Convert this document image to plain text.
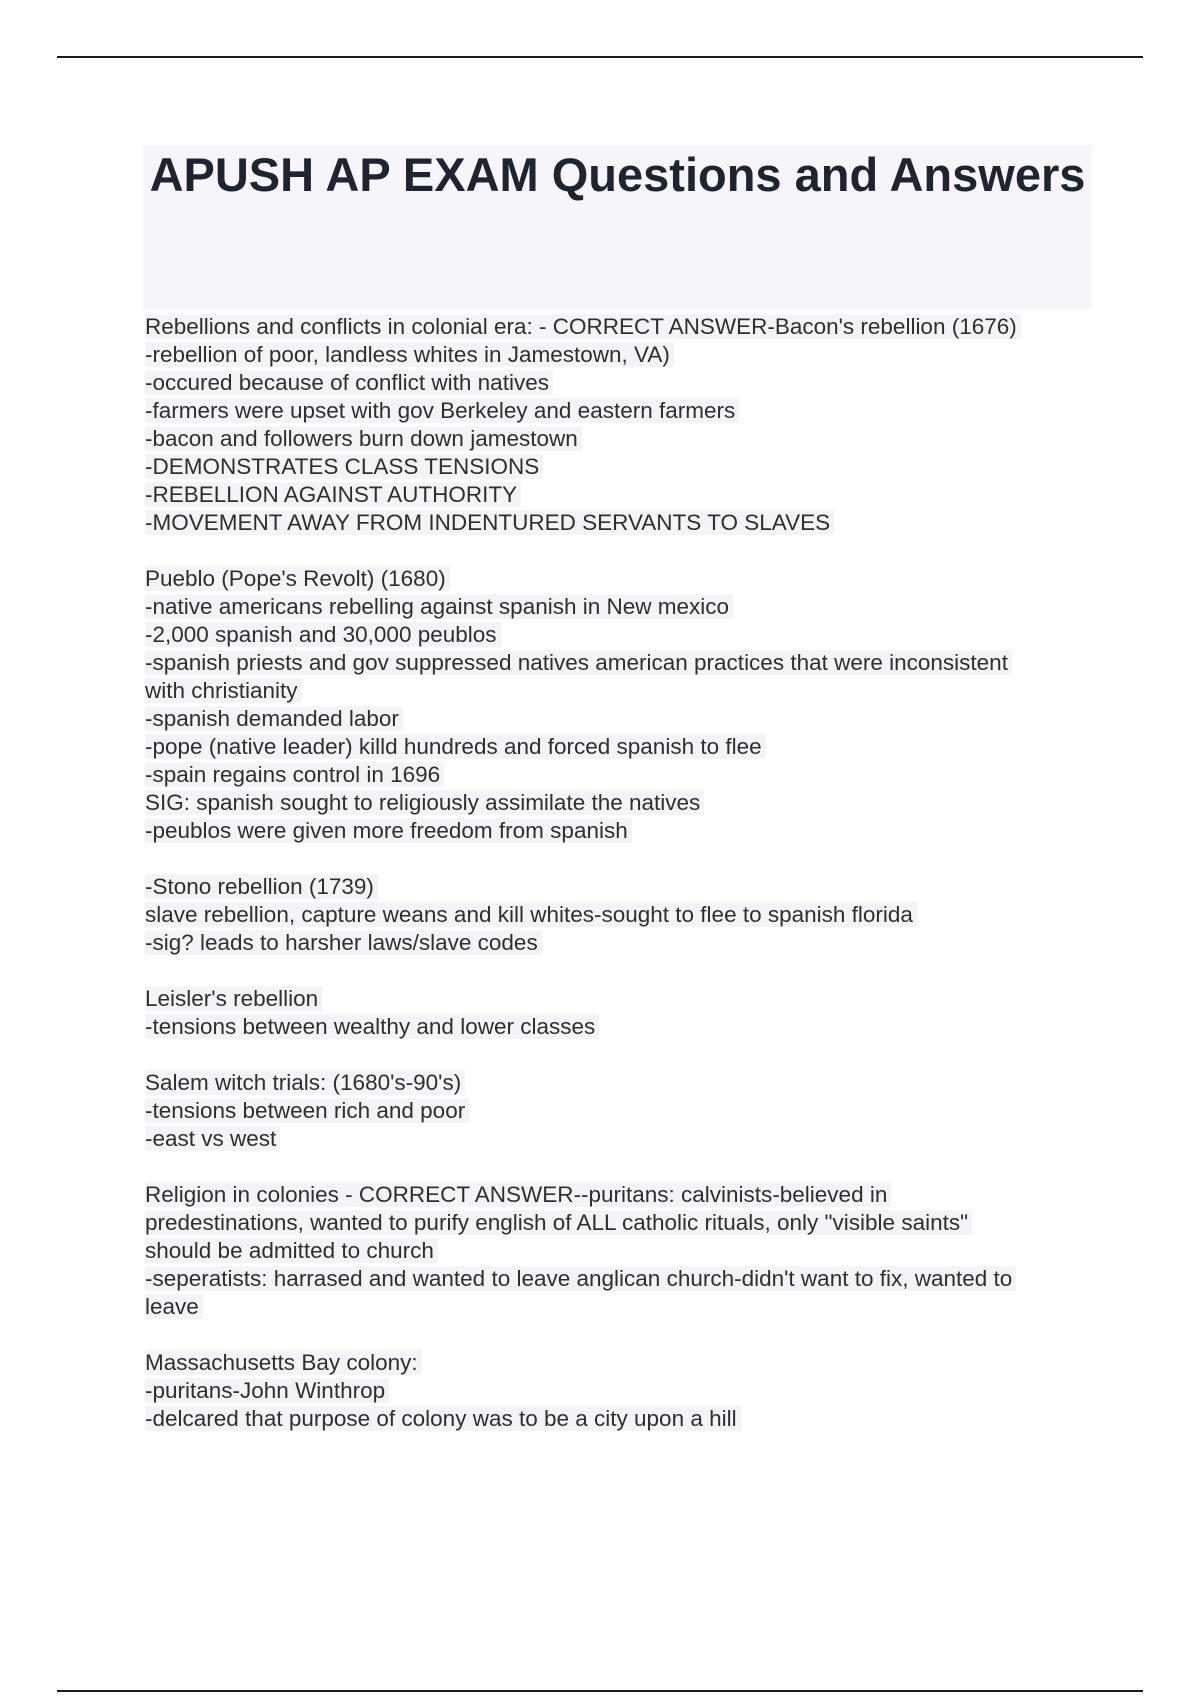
APUSH AP EXAM Questions and Answers
Rebellions and conflicts in colonial era: - CORRECT ANSWER-Bacon's rebellion (1676)
-rebellion of poor, landless whites in Jamestown, VA)
-occured because of conflict with natives
-farmers were upset with gov Berkeley and eastern farmers
-bacon and followers burn down jamestown
-DEMONSTRATES CLASS TENSIONS
-REBELLION AGAINST AUTHORITY
-MOVEMENT AWAY FROM INDENTURED SERVANTS TO SLAVES
Pueblo (Pope's Revolt) (1680)
-native americans rebelling against spanish in New mexico
-2,000 spanish and 30,000 peublos
-spanish priests and gov suppressed natives american practices that were inconsistent
with christianity
-spanish demanded labor
-pope (native leader) killd hundreds and forced spanish to flee
-spain regains control in 1696
SIG: spanish sought to religiously assimilate the natives
-peublos were given more freedom from spanish
-Stono rebellion (1739)
slave rebellion, capture weans and kill whites-sought to flee to spanish florida
-sig? leads to harsher laws/slave codes
Leisler's rebellion
-tensions between wealthy and lower classes
Salem witch trials: (1680's-90's)
-tensions between rich and poor
-east vs west
Religion in colonies - CORRECT ANSWER--puritans: calvinists-believed in
predestinations, wanted to purify english of ALL catholic rituals, only "visible saints"
should be admitted to church
-seperatists: harrased and wanted to leave anglican church-didn't want to fix, wanted to
leave
Massachusetts Bay colony:
-puritans-John Winthrop
-delcared that purpose of colony was to be a city upon a hill
